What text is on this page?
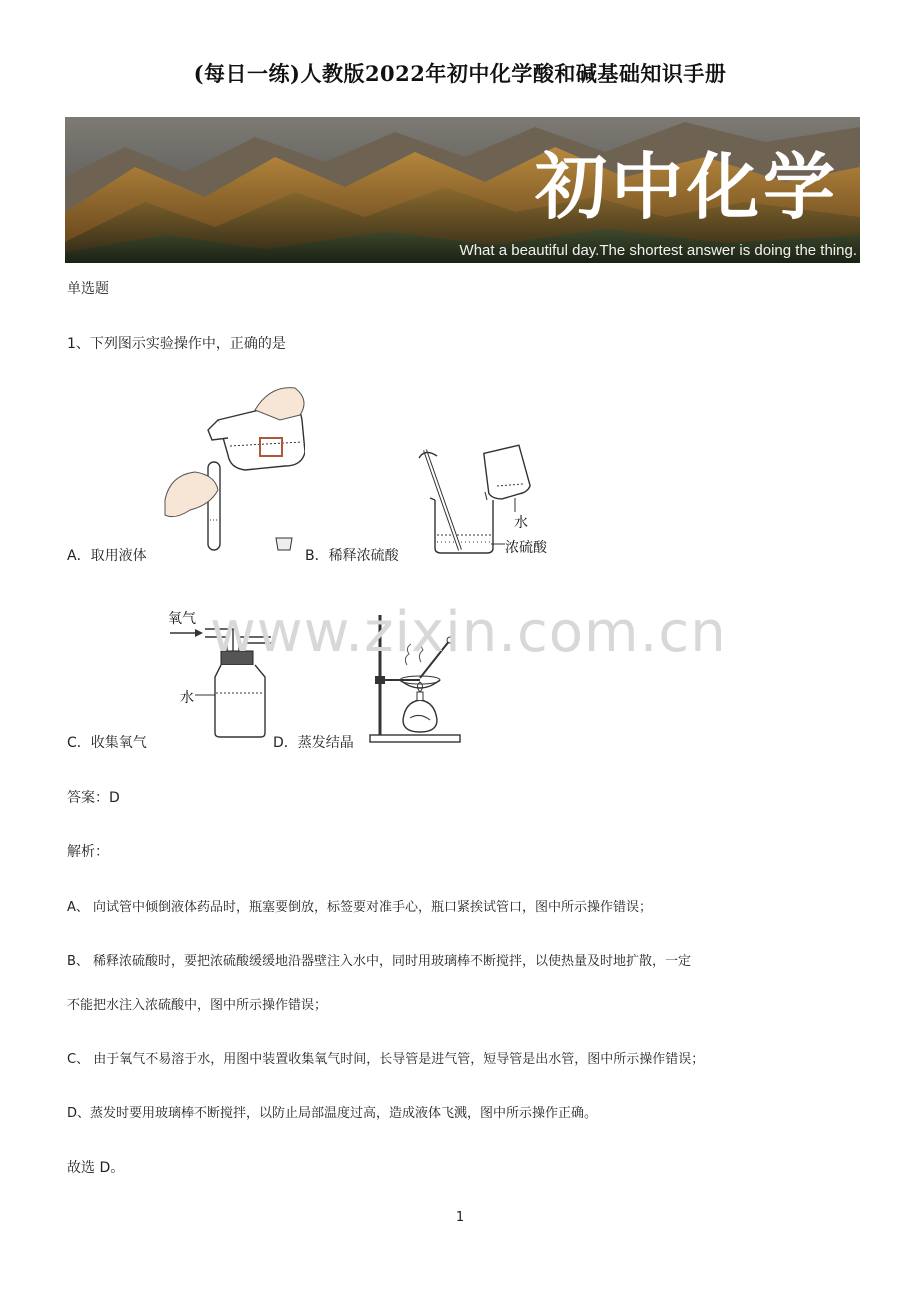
(每日一练)人教版2022年初中化学酸和碱基础知识手册
初中化学
What a beautiful day.The shortest answer is doing the thing.
单选题
1、下列图示实验操作中，正确的是
A．取用液体
水
浓硫酸
B．稀释浓硫酸
氧气
水
C．收集氧气	D．蒸发结晶
www.zixin.com.cn
答案：D
解析：
A、 向试管中倾倒液体药品时，瓶塞要倒放，标签要对准手心，瓶口紧挨试管口，图中所示操作错误；
B、 稀释浓硫酸时，要把浓硫酸缓缓地沿器壁注入水中，同时用玻璃棒不断搅拌，以使热量及时地扩散，一定
不能把水注入浓硫酸中，图中所示操作错误；
C、 由于氧气不易溶于水，用图中装置收集氧气时间，长导管是进气管，短导管是出水管，图中所示操作错误；
D、蒸发时要用玻璃棒不断搅拌，以防止局部温度过高，造成液体飞溅，图中所示操作正确。
故选 D。
1
